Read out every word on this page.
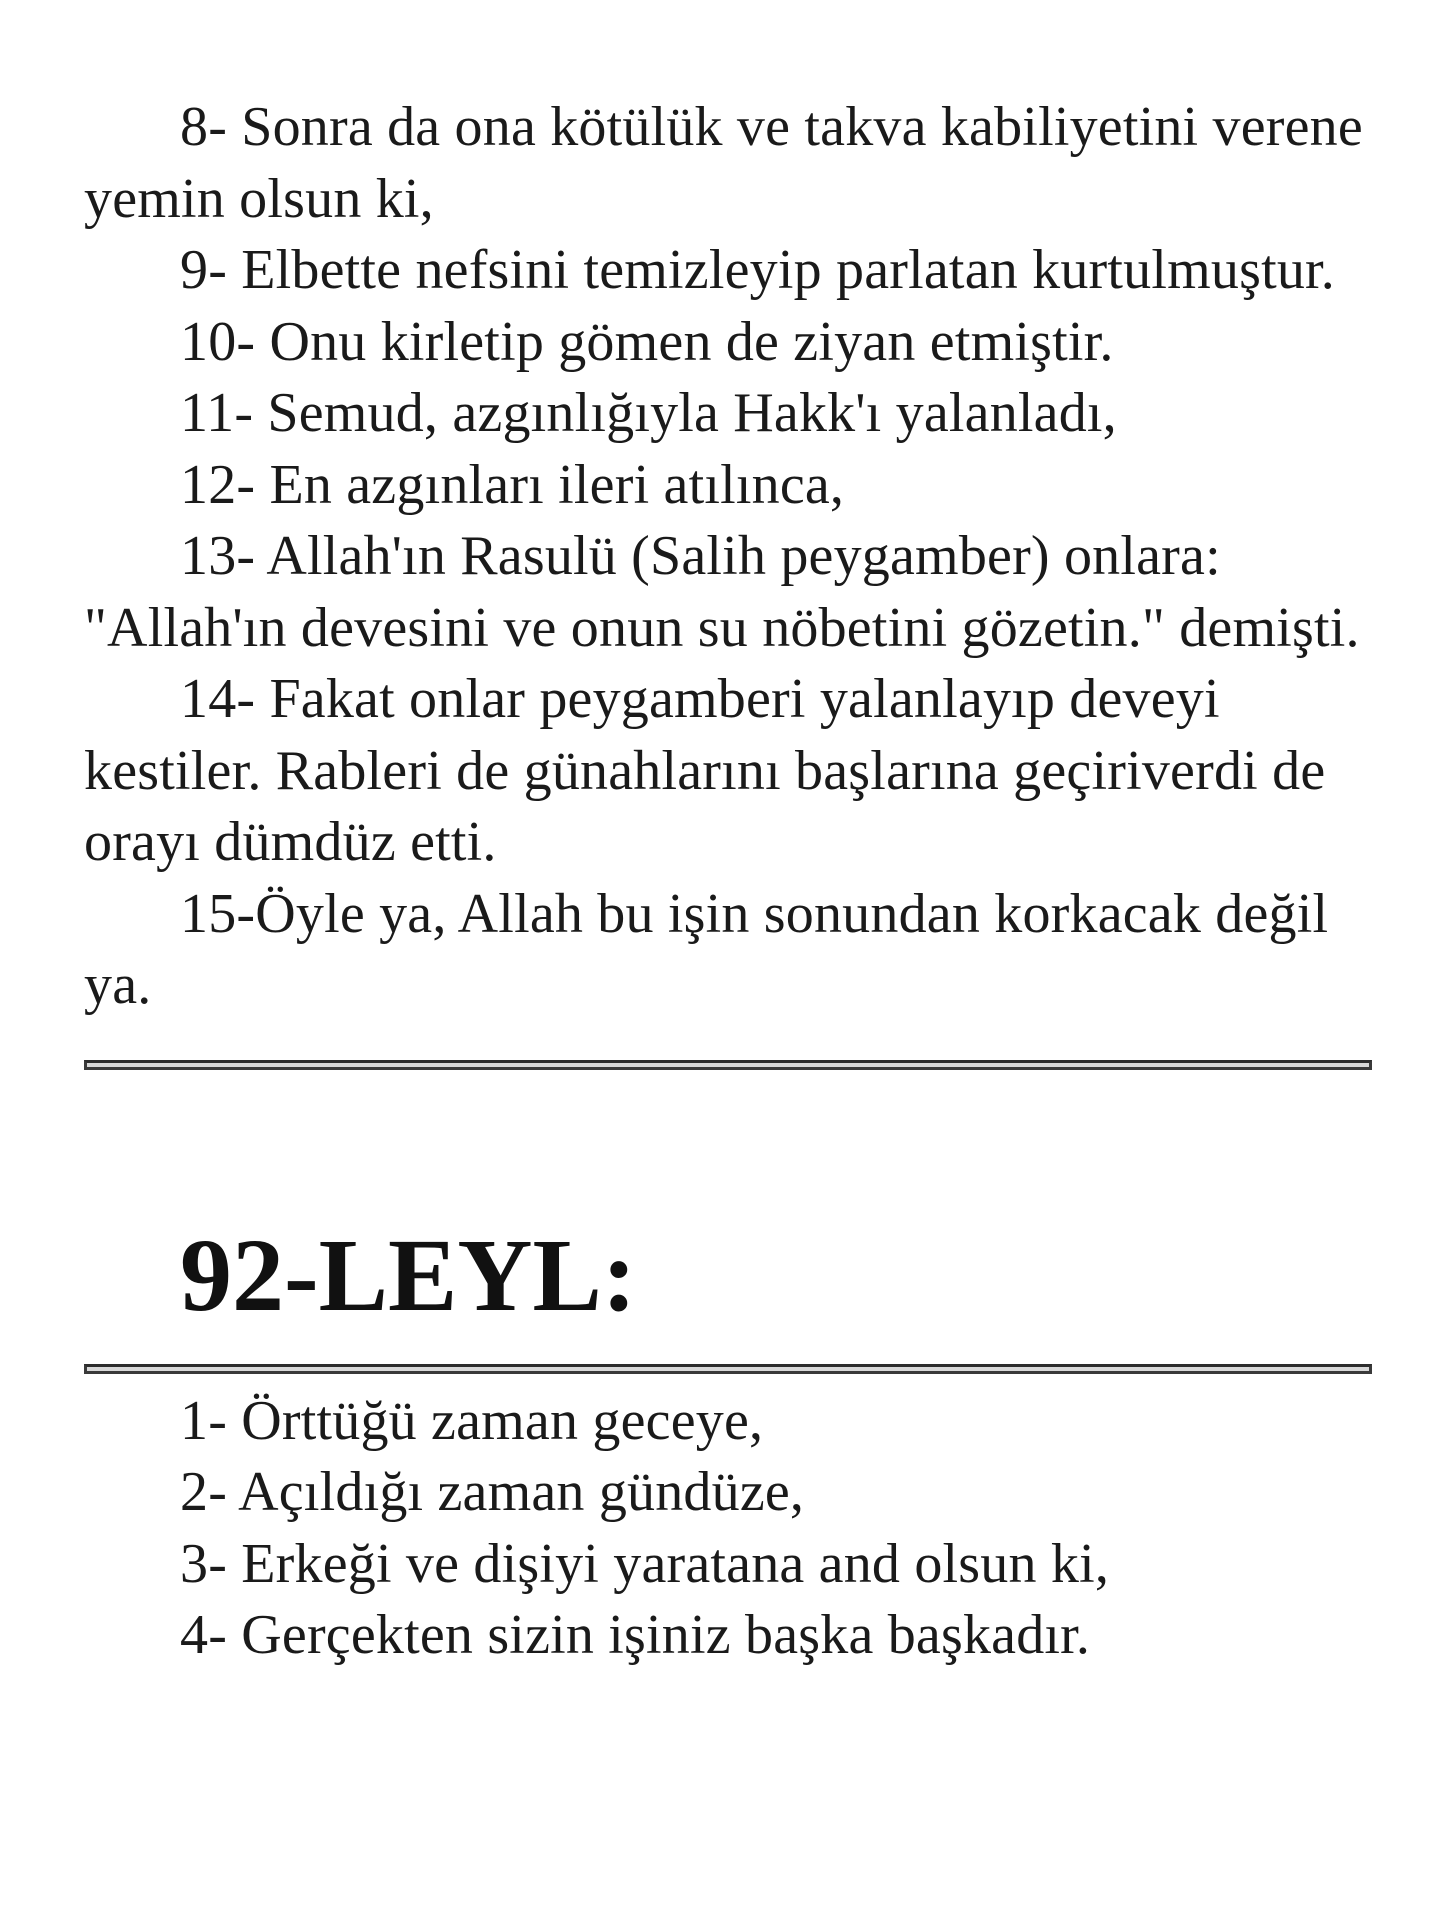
8- Sonra da ona kötülük ve takva kabiliyetini verene yemin olsun ki,

9- Elbette nefsini temizleyip parlatan kurtulmuştur.

10- Onu kirletip gömen de ziyan etmiştir.

11- Semud, azgınlığıyla Hakk'ı yalanladı,

12- En azgınları ileri atılınca,

13- Allah'ın Rasulü (Salih peygamber) onlara: "Allah'ın devesini ve onun su nöbetini gözetin." demişti.

14- Fakat onlar peygamberi yalanlayıp deveyi kestiler. Rableri de günahlarını başlarına geçiriverdi de orayı dümdüz etti.

15-Öyle ya, Allah bu işin sonundan korkacak değil ya.

92-LEYL:

1- Örttüğü zaman geceye,

2- Açıldığı zaman gündüze,

3- Erkeği ve dişiyi yaratana and olsun ki,

4- Gerçekten sizin işiniz başka başkadır.
